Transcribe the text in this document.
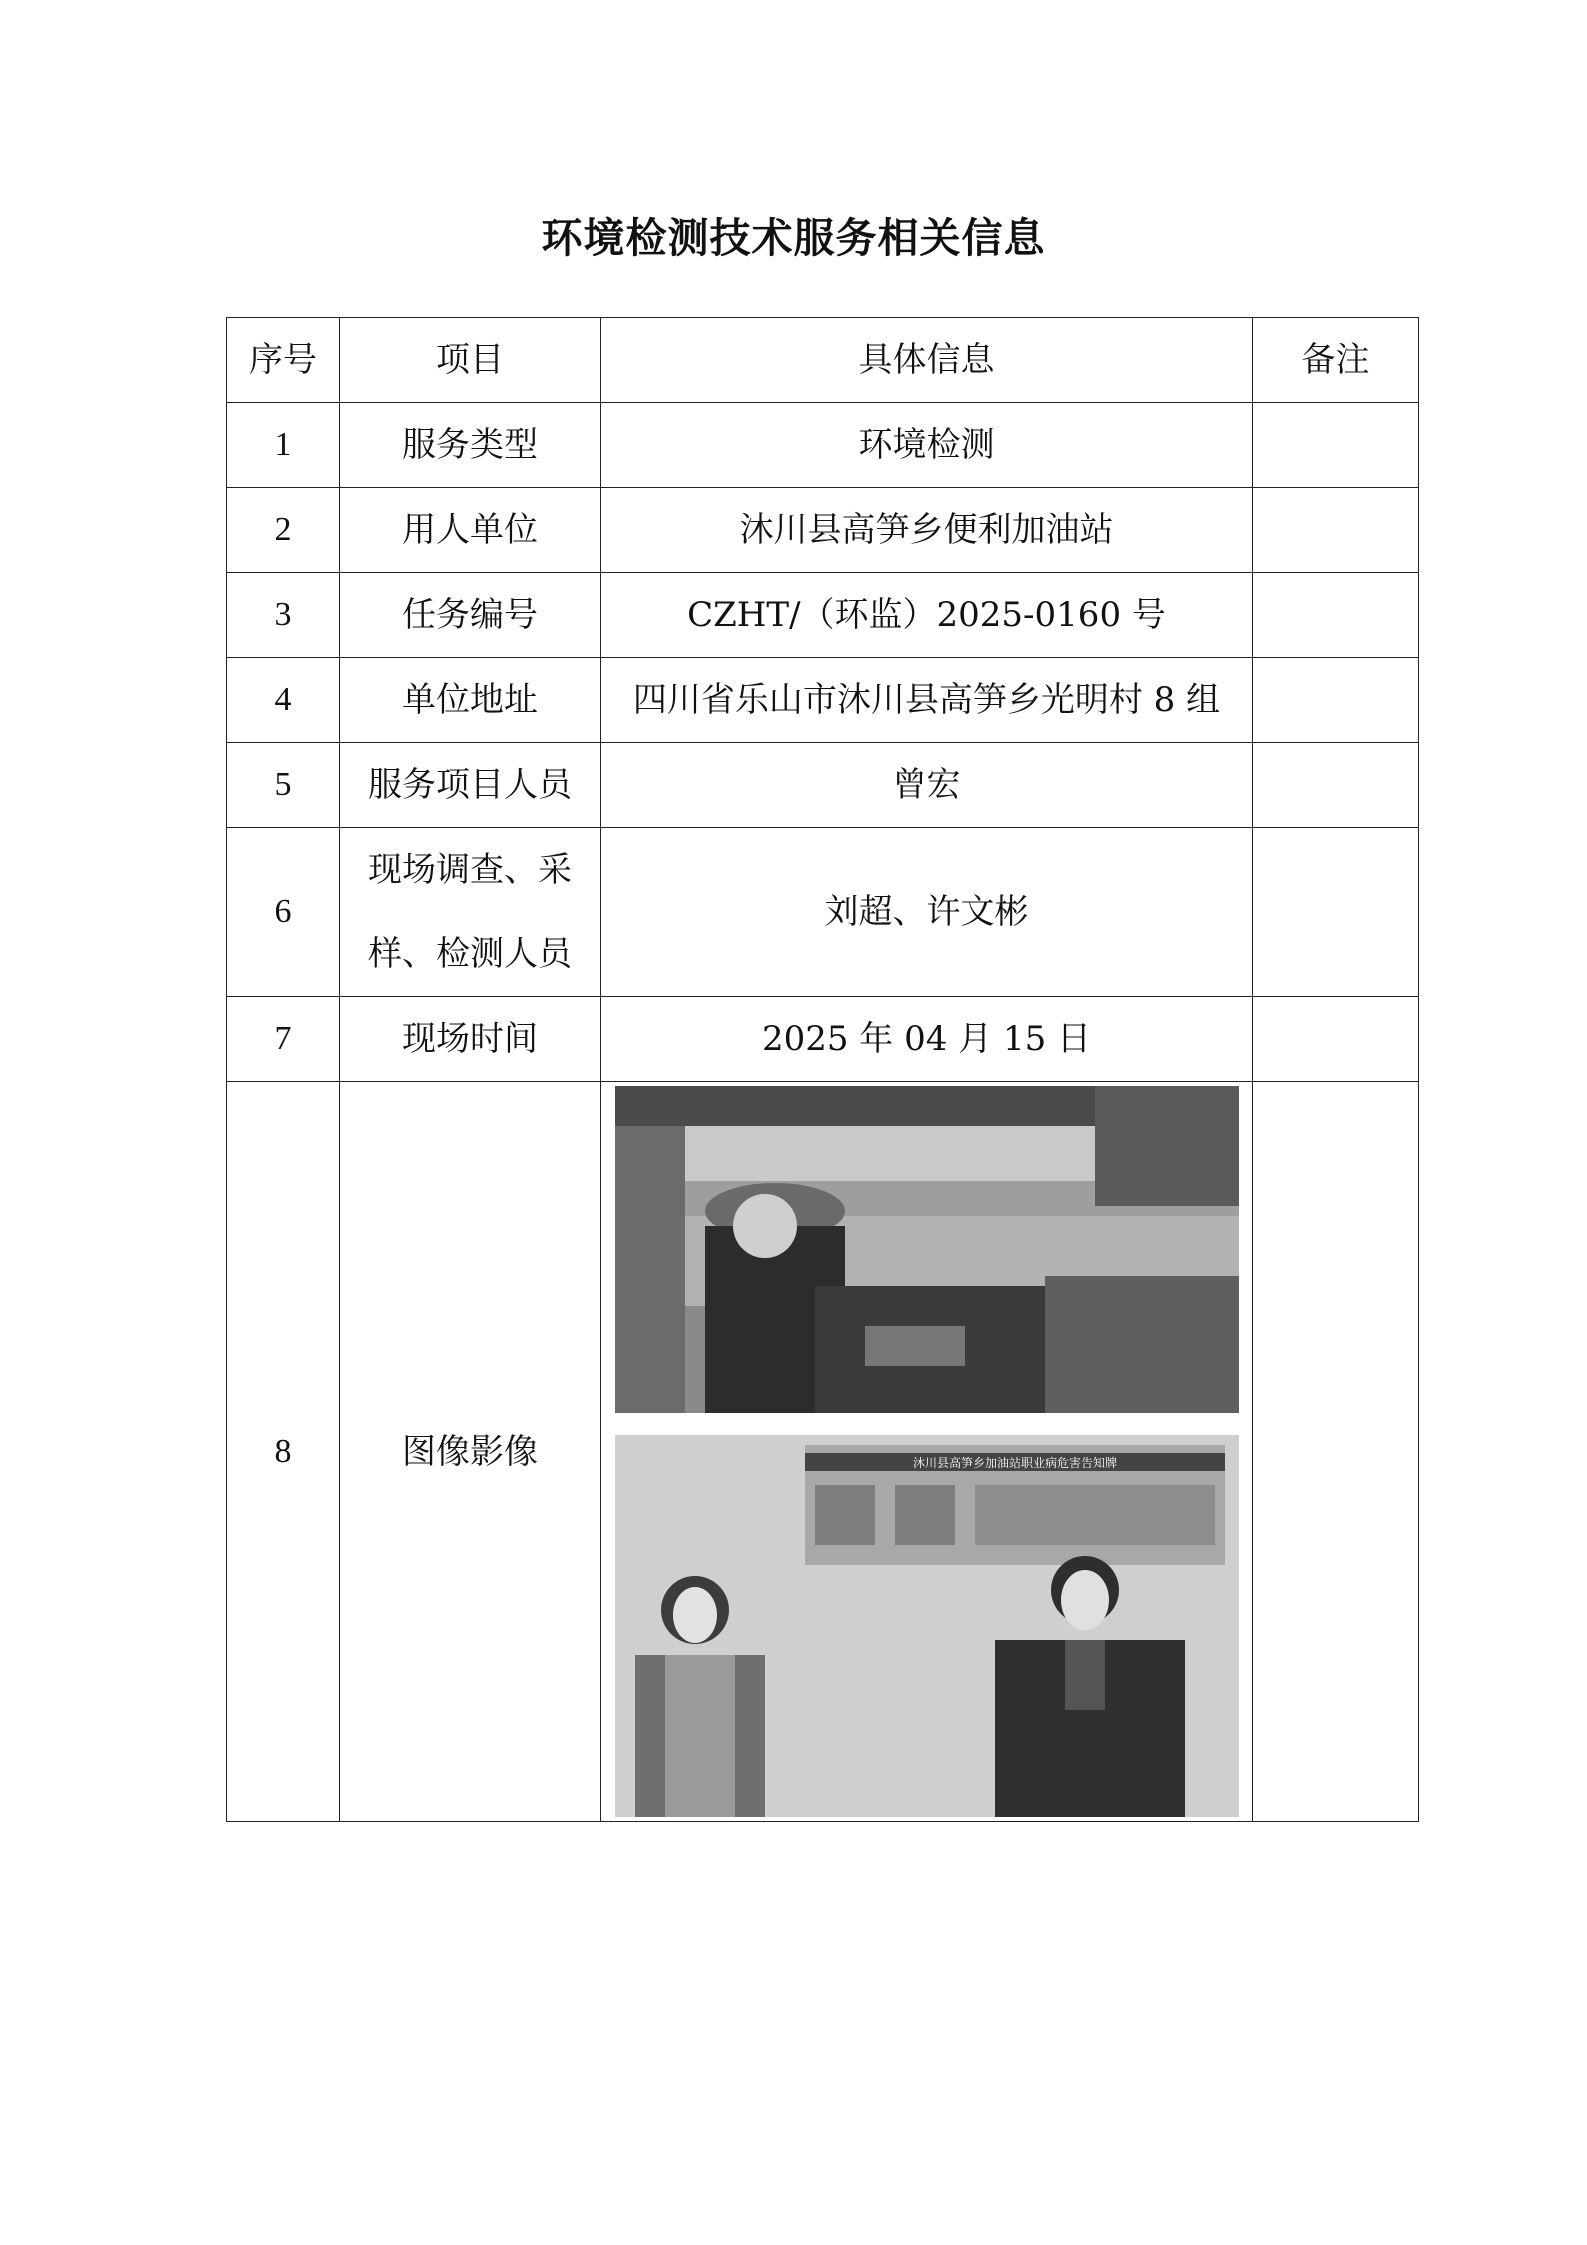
环境检测技术服务相关信息
序号	项目	具体信息	备注
1	服务类型	环境检测	
2	用人单位	沐川县高笋乡便利加油站	
3	任务编号	CZHT/（环监）2025-0160 号	
4	单位地址	四川省乐山市沐川县高笋乡光明村 8 组	
5	服务项目人员	曾宏	
6	现场调查、采样、检测人员	刘超、许文彬	
7	现场时间	2025 年 04 月 15 日	
8	图像影像	沐川县高笋乡加油站职业病危害告知牌	
